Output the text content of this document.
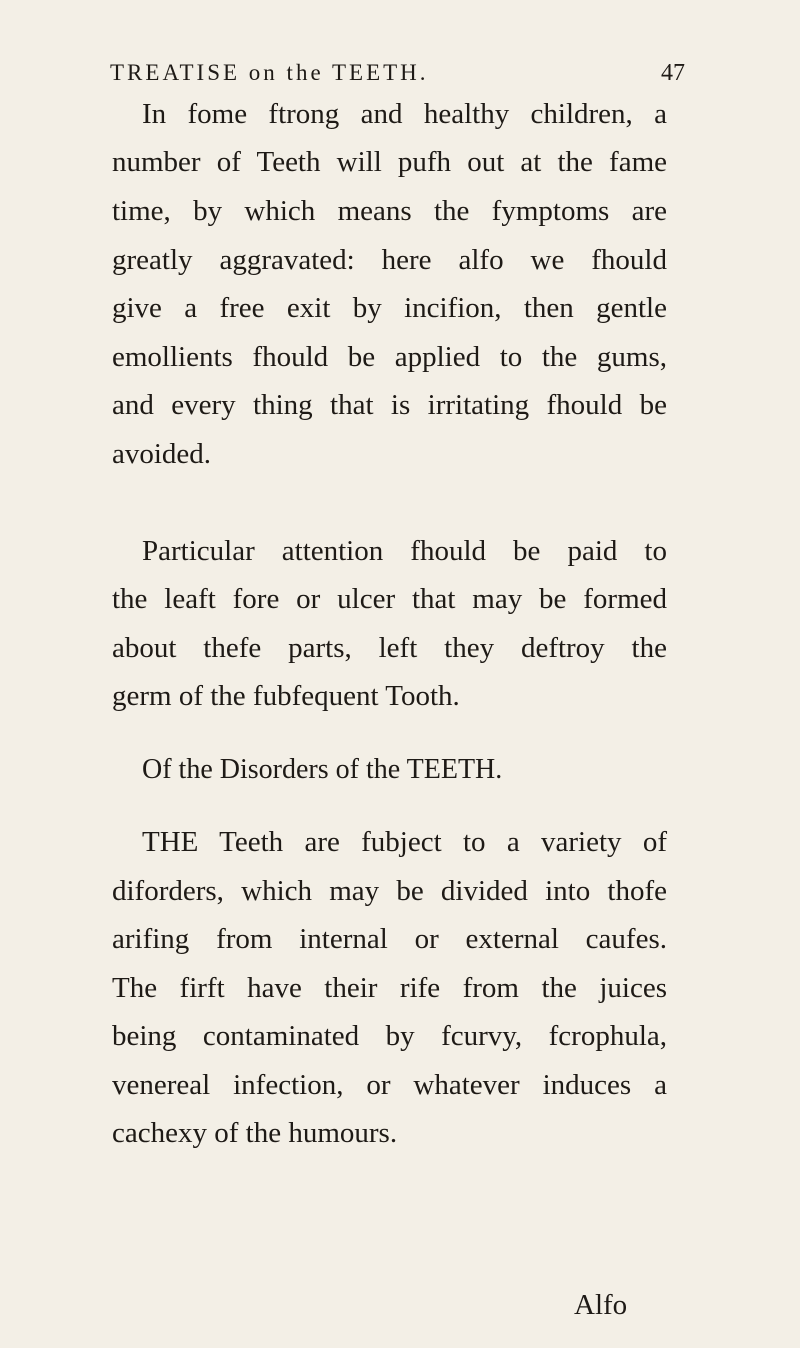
TREATISE on the TEETH.	47
In fome ftrong and healthy children, a
number of Teeth will pufh out at the fame
time, by which means the fymptoms are
greatly aggravated: here alfo we fhould
give a free exit by incifion, then gentle
emollients fhould be applied to the gums,
and every thing that is irritating fhould be
avoided.
Particular attention fhould be paid to
the leaft fore or ulcer that may be formed
about thefe parts, left they deftroy the
germ of the fubfequent Tooth.
Of the Disorders of the TEETH.
THE Teeth are fubject to a variety of
diforders, which may be divided into thofe
arifing from internal or external caufes.
The firft have their rife from the juices
being contaminated by fcurvy, fcrophula,
venereal infection, or whatever induces a
cachexy of the humours.
Alfo
